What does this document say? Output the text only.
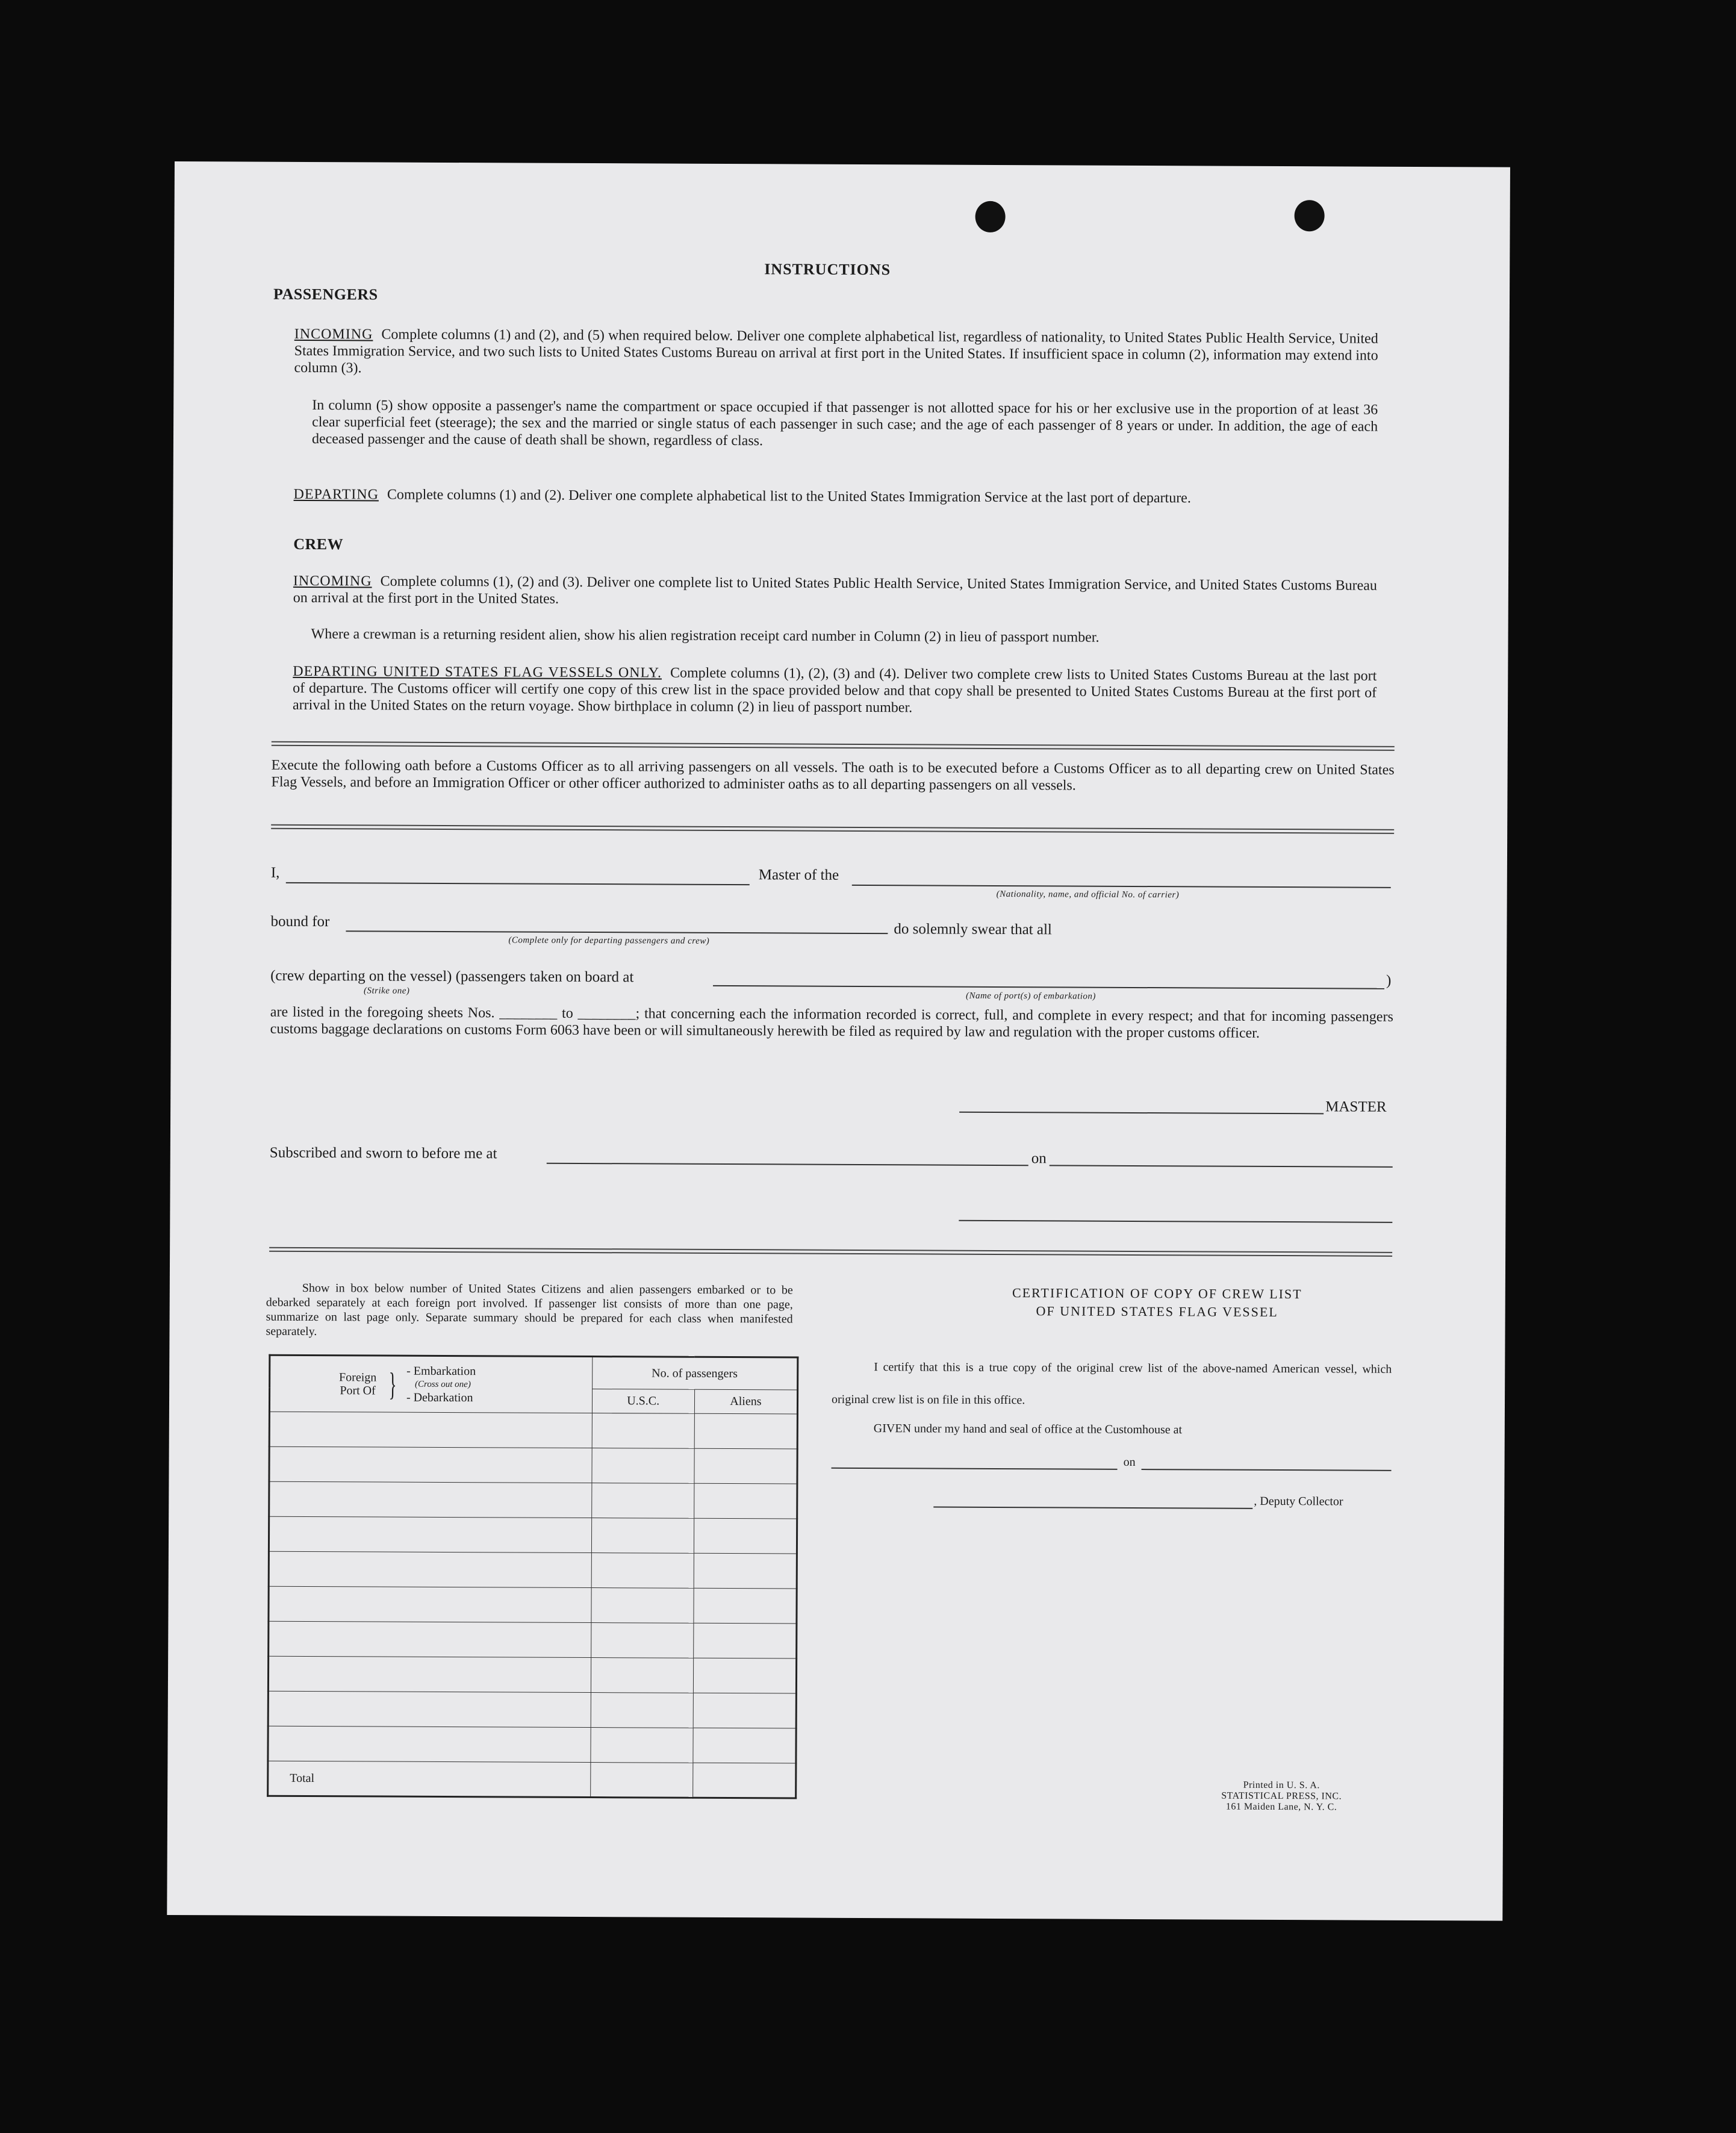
INSTRUCTIONS
PASSENGERS
INCOMING Complete columns (1) and (2), and (5) when required below. Deliver one complete alphabetical list, regardless of nationality, to United States Public Health Service, United States Immigration Service, and two such lists to United States Customs Bureau on arrival at first port in the United States. If insufficient space in column (2), information may extend into column (3).
In column (5) show opposite a passenger's name the compartment or space occupied if that passenger is not allotted space for his or her exclusive use in the proportion of at least 36 clear superficial feet (steerage); the sex and the married or single status of each passenger in such case; and the age of each passenger of 8 years or under. In addition, the age of each deceased passenger and the cause of death shall be shown, regardless of class.
DEPARTING Complete columns (1) and (2). Deliver one complete alphabetical list to the United States Immigration Service at the last port of departure.
CREW
INCOMING Complete columns (1), (2) and (3). Deliver one complete list to United States Public Health Service, United States Immigration Service, and United States Customs Bureau on arrival at the first port in the United States.
Where a crewman is a returning resident alien, show his alien registration receipt card number in Column (2) in lieu of passport number.
DEPARTING UNITED STATES FLAG VESSELS ONLY. Complete columns (1), (2), (3) and (4). Deliver two complete crew lists to United States Customs Bureau at the last port of departure. The Customs officer will certify one copy of this crew list in the space provided below and that copy shall be presented to United States Customs Bureau at the first port of arrival in the United States on the return voyage. Show birthplace in column (2) in lieu of passport number.
Execute the following oath before a Customs Officer as to all arriving passengers on all vessels. The oath is to be executed before a Customs Officer as to all departing crew on United States Flag Vessels, and before an Immigration Officer or other officer authorized to administer oaths as to all departing passengers on all vessels.
I,	Master of the
(Nationality, name, and official No. of carrier)
bound for
(Complete only for departing passengers and crew)
do solemnly swear that all
(crew departing on the vessel) (passengers taken on board at
(Strike one)
(Name of port(s) of embarkation)
)
are listed in the foregoing sheets Nos. ________ to ________; that concerning each the information recorded is correct, full, and complete in every respect; and that for incoming passengers customs baggage declarations on customs Form 6063 have been or will simultaneously herewith be filed as required by law and regulation with the proper customs officer.
MASTER
Subscribed and sworn to before me at	on
Show in box below number of United States Citizens and alien passengers embarked or to be debarked separately at each foreign port involved. If passenger list consists of more than one page, summarize on last page only. Separate summary should be prepared for each class when manifested separately.
Foreign Port Of } - Embarkation
(Cross out one)
- Debarkation	No. of passengers	
	U.S.C.	Aliens

Total		
CERTIFICATION OF COPY OF CREW LIST
OF UNITED STATES FLAG VESSEL
I certify that this is a true copy of the original crew list of the above-named American vessel, which original crew list is on file in this office.
GIVEN under my hand and seal of office at the Customhouse at
on
, Deputy Collector
Printed in U. S. A.
STATISTICAL PRESS, INC.
161 Maiden Lane, N. Y. C.
